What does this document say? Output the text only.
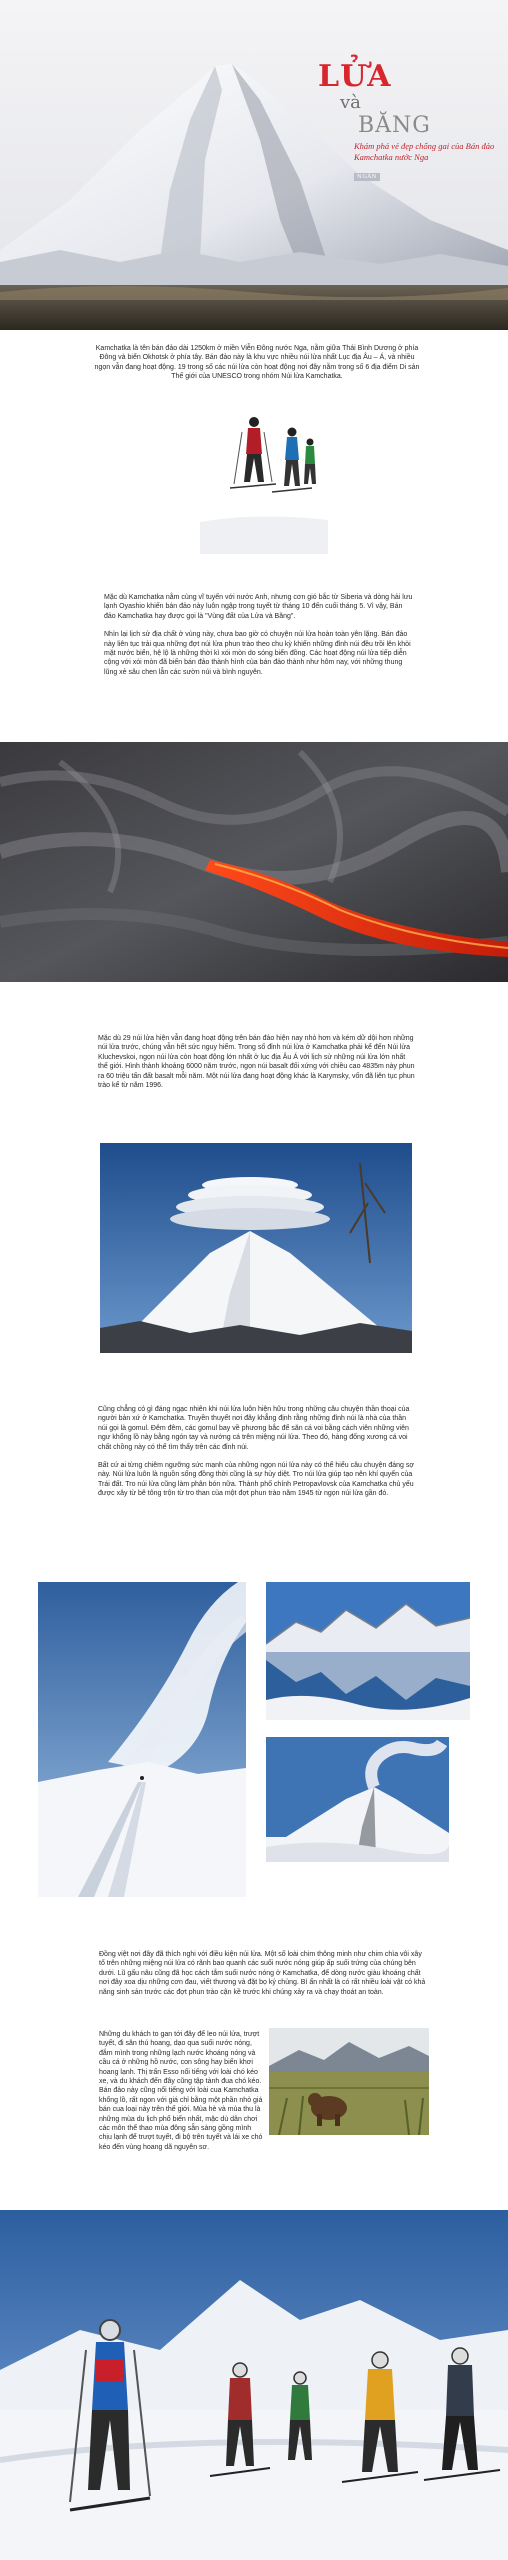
LỬA
và
BĂNG
Khám phá vẻ đẹp chống gai của Bán đảo Kamchatka nước Nga
NGÂN
Kamchatka là tên bán đảo dài 1250km ở miền Viễn Đông nước Nga, nằm giữa Thái Bình Dương ở phía Đông và biển Okhotsk ở phía tây. Bán đảo này là khu vực nhiều núi lửa nhất Lục địa Âu – Á, và nhiều ngọn vẫn đang hoạt động. 19 trong số các núi lửa còn hoạt động nơi đây nằm trong số 6 địa điểm Di sản Thế giới của UNESCO trong nhóm Núi lửa Kamchatka.

Mặc dù Kamchatka nằm cùng vĩ tuyến với nước Anh, nhưng cơn gió bắc từ Siberia và dòng hải lưu lạnh Oyashio khiến bán đảo này luôn ngập trong tuyết từ tháng 10 đến cuối tháng 5. Vì vậy, Bán đảo Kamchatka hay được gọi là "Vùng đất của Lửa và Băng".

Nhìn lại lịch sử địa chất ở vùng này, chưa bao giờ có chuyện núi lửa hoàn toàn yên lặng. Bán đảo này liên tục trải qua những đợt núi lửa phun trào theo chu kỳ khiến những đỉnh núi đều trồi lên khỏi mặt nước biển, hệ lộ là những thời kì xói mòn do sóng biển đồng. Các hoạt động núi lửa tiếp diễn cộng với xói mòn đã biến bán đảo thành hình của bán đảo thành như hôm nay, với những thung lũng xẻ sâu chen lẫn các sườn núi và bình nguyên.

Mặc dù 29 núi lửa hiện vẫn đang hoạt động trên bán đảo hiện nay nhỏ hơn và kém dữ dội hơn những núi lửa trước, chúng vẫn hết sức nguy hiểm. Trong số đỉnh núi lửa ở Kamchatka phải kể đến Núi lửa Kluchevskoi, ngọn núi lửa còn hoạt động lớn nhất ở lục địa Âu Á với lịch sử những núi lửa lớn nhất thế giới. Hình thành khoảng 6000 năm trước, ngọn núi basalt đối xứng với chiều cao 4835m này phun ra 60 triệu tấn đất basalt mỗi năm. Một núi lửa đang hoạt động khác là Karymsky, vốn đã liên tục phun trào kể từ năm 1996.

Cũng chẳng có gì đáng ngạc nhiên khi núi lửa luôn hiện hữu trong những câu chuyện thần thoại của người bản xứ ở Kamchatka. Truyền thuyết nơi đây khẳng định rằng những đỉnh núi là nhà của thần núi gọi là gomul. Đêm đêm, các gomul bay về phương bắc để săn cá voi bằng cách viên những viên ngư khổng lồ này bằng ngón tay và nướng cá trên miệng núi lửa. Theo đó, hàng đống xương cá voi chất chồng này có thể tìm thấy trên các đỉnh núi.

Bất cứ ai từng chiêm ngưỡng sức mạnh của những ngọn núi lửa này có thể hiểu câu chuyện đáng sợ này. Núi lửa luôn là nguồn sống đồng thời cũng là sự hủy diệt. Tro núi lửa giúp tạo nên khí quyển của Trái đất. Tro núi lửa cũng làm phân bón nữa. Thành phố chính Petropavlovsk của Kamchatka chủ yếu được xây từ bê tông trộn từ tro than của một đợt phun trào năm 1945 từ ngọn núi lửa gần đó.

Đồng việt nơi đây đã thích nghi với điều kiện núi lửa. Một số loài chim thông minh như chim chìa vôi xây tổ trên những miệng núi lửa có rãnh bao quanh các suối nước nóng giúp ấp suối trứng của chúng bên dưới. Lũ gấu nâu cũng đã học cách tắm suối nước nóng ở Kamchatka, để dòng nước giàu khoáng chất nơi đây xoa dịu những cơn đau, viết thương và đặt bọ ký chủng. Bí ẩn nhất là có rất nhiều loài vật có khả năng sinh sản trước các đợt phun trào cận kề trước khi chúng xảy ra và chạy thoát an toàn.
Những du khách to gan tới đây để leo núi lửa, trượt tuyết, đi săn thú hoang, dạo qua suối nước nóng, đắm mình trong những lạch nước khoáng nóng và cầu cá ở những hồ nước, con sông hay biển khơi hoang lạnh. Thị trấn Esso nổi tiếng với loài chó kéo xe, và du khách đến đây cũng tập tành đua chó kéo. Bán đảo này cũng nổi tiếng với loài cua Kamchatka khổng lồ, rất ngon với giá chỉ bằng một phần nhỏ giá bán cua loại này trên thế giới. Mùa hè và mùa thu là những mùa du lịch phổ biến nhất, mặc dù dân chơi các môn thể thao mùa đông sẵn sàng gồng mình chịu lạnh để trượt tuyết, đi bộ trên tuyết và lái xe chó kéo đến vùng hoang dã nguyên sơ.
